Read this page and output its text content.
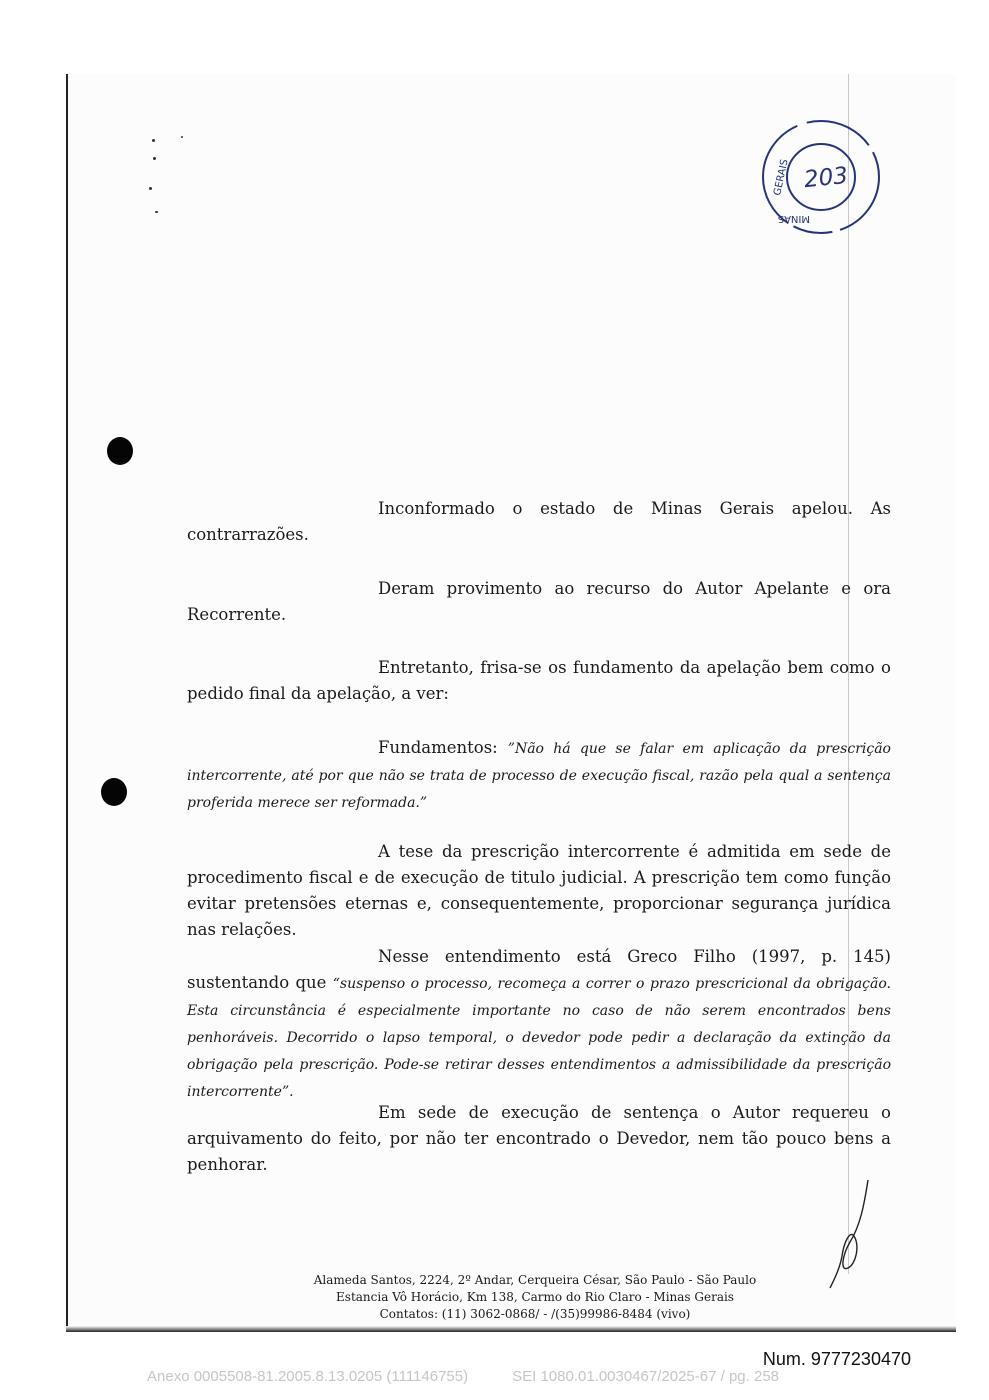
GERAIS
MINAS
203
Inconformado o estado de Minas Gerais apelou. As contrarrazões.
Deram provimento ao recurso do Autor Apelante e ora Recorrente.
Entretanto, frisa-se os fundamento da apelação bem como o pedido final da apelação, a ver:
Fundamentos: ”Não há que se falar em aplicação da prescrição intercorrente, até por que não se trata de processo de execução fiscal, razão pela qual a sentença proferida merece ser reformada.”
A tese da prescrição intercorrente é admitida em sede de procedimento fiscal e de execução de titulo judicial. A prescrição tem como função evitar pretensões eternas e, consequentemente, proporcionar segurança jurídica nas relações.
Nesse entendimento está Greco Filho (1997, p. 145) sustentando que “suspenso o processo, recomeça a correr o prazo prescricional da obrigação. Esta circunstância é especialmente importante no caso de não serem encontrados bens penhoráveis. Decorrido o lapso temporal, o devedor pode pedir a declaração da extinção da obrigação pela prescrição. Pode-se retirar desses entendimentos a admissibilidade da prescrição intercorrente”.
Em sede de execução de sentença o Autor requereu o arquivamento do feito, por não ter encontrado o Devedor, nem tão pouco bens a penhorar.
Alameda Santos, 2224, 2º Andar, Cerqueira César, São Paulo - São Paulo
Estancia Vô Horácio, Km 138, Carmo do Rio Claro - Minas Gerais
Contatos: (11) 3062-0868/ - /(35)99986-8484 (vivo)
Num. 9777230470
Anexo 0005508-81.2005.8.13.0205 (111146755)	SEI 1080.01.0030467/2025-67 / pg. 258
